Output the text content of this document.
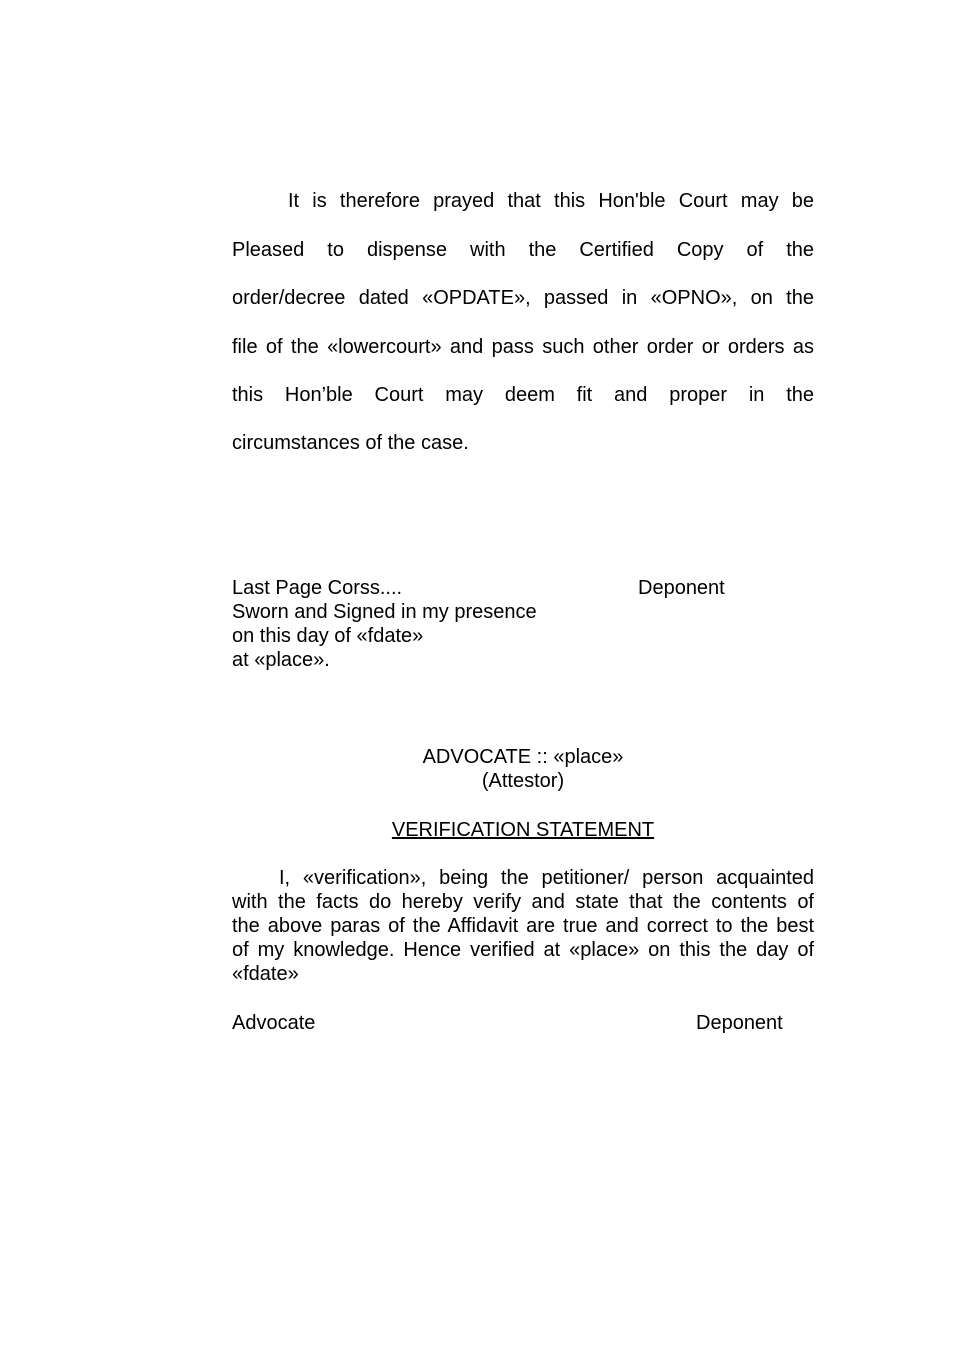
It is therefore prayed that this Hon'ble Court may be
Pleased to dispense with the Certified Copy of the
order/decree dated «OPDATE», passed in «OPNO», on the
file of the «lowercourt» and pass such other order or orders as
this Hon’ble Court may deem fit and proper in the
circumstances of the case.
Last Page Corss....	Deponent
Sworn and Signed in my presence
on this day of «fdate»
at «place».
ADVOCATE :: «place»
(Attestor)
VERIFICATION STATEMENT
I, «verification», being the petitioner/ person acquainted
with the facts do hereby verify and state that the contents of
the above paras of the Affidavit are true and correct to the best
of my knowledge. Hence verified at «place» on this the day of
«fdate»
Advocate	Deponent
